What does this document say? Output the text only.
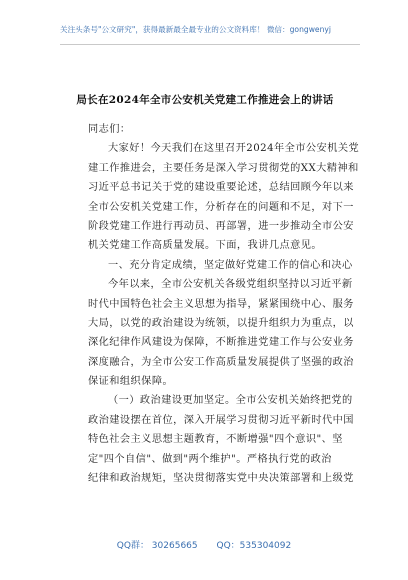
关注头条号"公文研究"，获得最新最全最专业的公文资料库！ 微信：gongwenyj
局长在2024年全市公安机关党建工作推进会上的讲话
同志们：
大家好！今天我们在这里召开2024年全市公安机关党
建工作推进会，主要任务是深入学习贯彻党的XX大精神和
习近平总书记关于党的建设重要论述，总结回顾今年以来
全市公安机关党建工作，分析存在的问题和不足，对下一
阶段党建工作进行再动员、再部署，进一步推动全市公安
机关党建工作高质量发展。下面，我讲几点意见。
一、充分肯定成绩，坚定做好党建工作的信心和决心
今年以来，全市公安机关各级党组织坚持以习近平新
时代中国特色社会主义思想为指导，紧紧围绕中心、服务
大局，以党的政治建设为统领，以提升组织力为重点，以
深化纪律作风建设为保障，不断推进党建工作与公安业务
深度融合，为全市公安工作高质量发展提供了坚强的政治
保证和组织保障。
（一）政治建设更加坚定。全市公安机关始终把党的
政治建设摆在首位，深入开展学习贯彻习近平新时代中国
特色社会主义思想主题教育，不断增强"四个意识"、坚
定"四个自信"、做到"两个维护"。严格执行党的政治
纪律和政治规矩，坚决贯彻落实党中央决策部署和上级党
QQ群： 30265665 QQ：535304092
